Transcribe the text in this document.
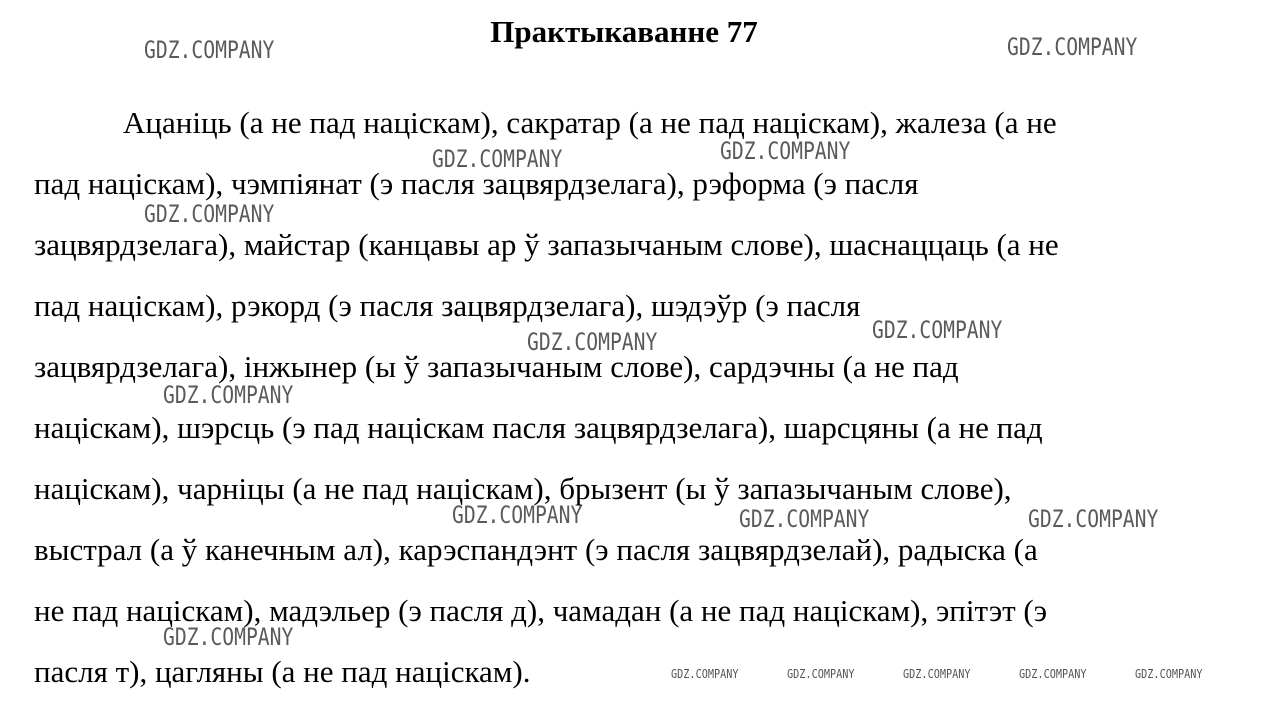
Практыкаванне 77
Ацаніць (а не пад націскам), сакратар (а не пад націскам), жалеза (а не
пад націскам), чэмпіянат (э пасля зацвярдзелага), рэформа (э пасля
зацвярдзелага), майстар (канцавы ар ў запазычаным слове), шаснаццаць (а не
пад націскам), рэкорд (э пасля зацвярдзелага), шэдэўр (э пасля
зацвярдзелага), інжынер (ы ў запазычаным слове), сардэчны (а не пад
націскам), шэрсць (э пад націскам пасля зацвярдзелага), шарсцяны (а не пад
націскам), чарніцы (а не пад націскам), брызент (ы ў запазычаным слове),
выстрал (а ў канечным ал), карэспандэнт (э пасля зацвярдзелай), радыска (а
не пад націскам), мадэльер (э пасля д), чамадан (а не пад націскам), эпітэт (э
пасля т), цагляны (а не пад націскам).
GDZ.COMPANY	GDZ.COMPANY
GDZ.COMPANY	GDZ.COMPANY
GDZ.COMPANY
GDZ.COMPANY	GDZ.COMPANY
GDZ.COMPANY
GDZ.COMPANY	GDZ.COMPANY	GDZ.COMPANY
GDZ.COMPANY
GDZ.COMPANY	GDZ.COMPANY	GDZ.COMPANY	GDZ.COMPANY	GDZ.COMPANY
